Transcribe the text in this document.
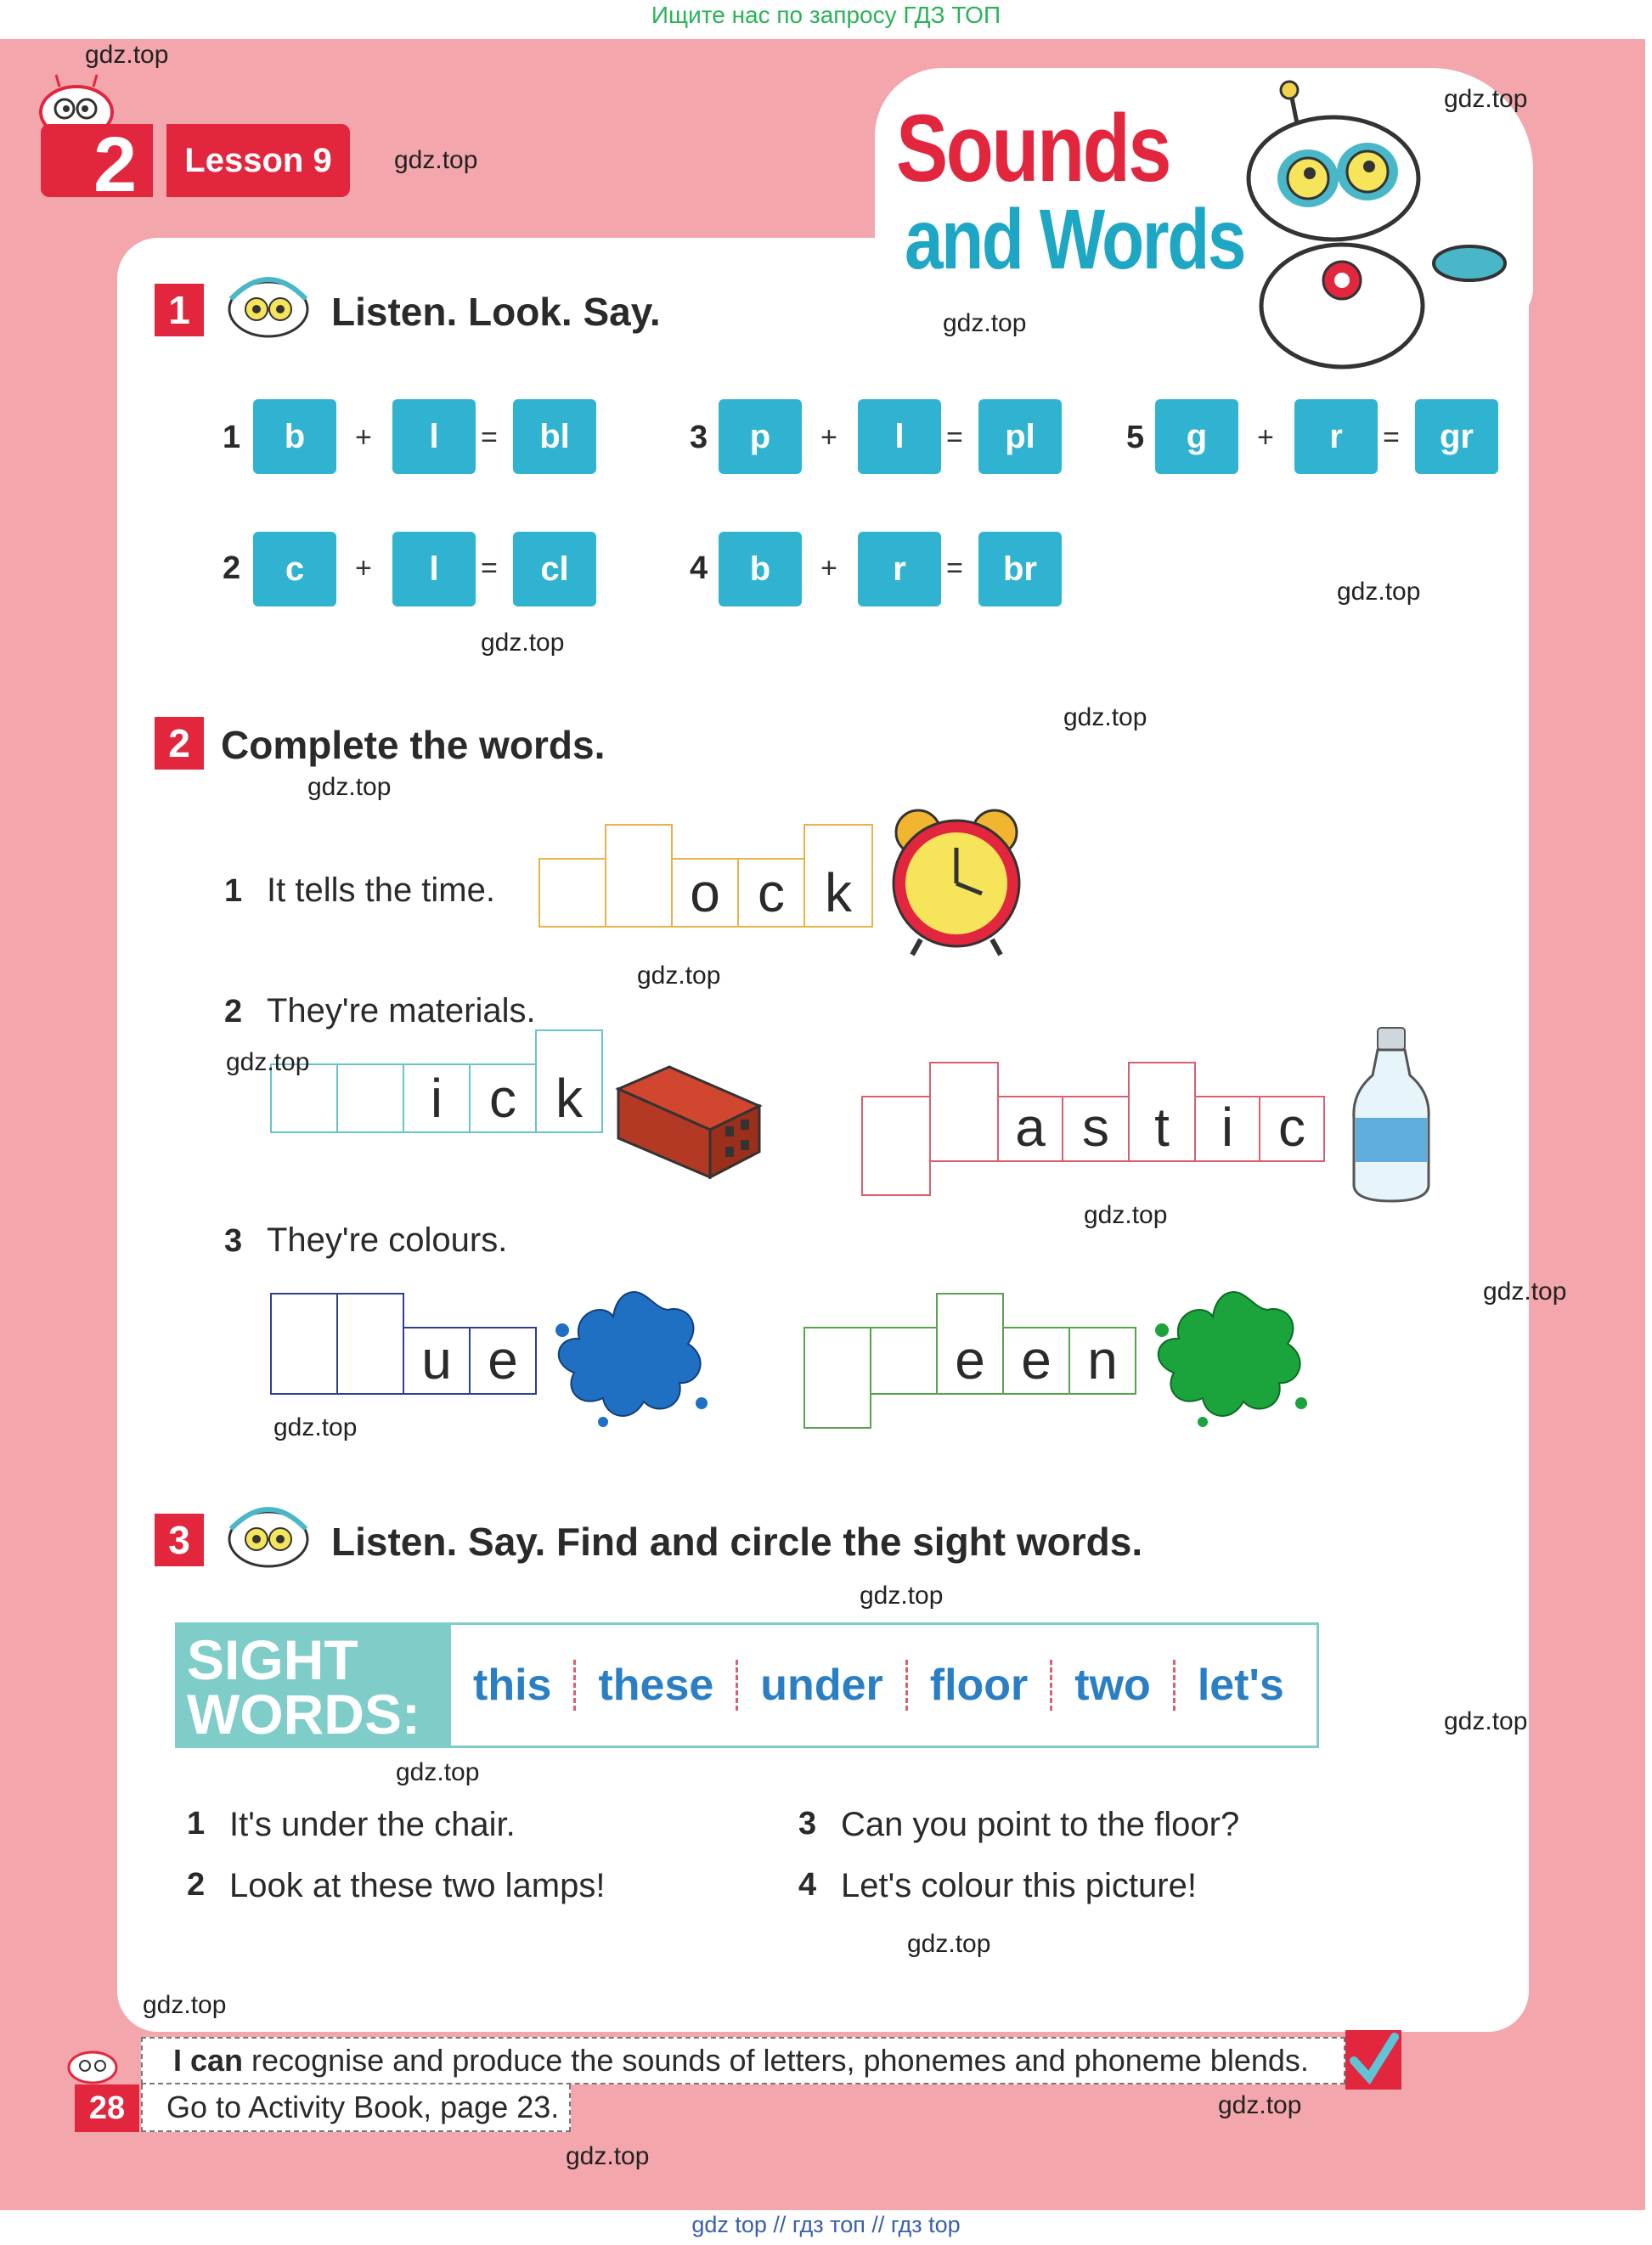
Ищите нас по запросу ГДЗ ТОП
gdz top // гдз топ // гдз top
2	Lesson 9	Sounds
and Words
1	Listen. Look. Say.
1	b	+	l	=	bl
2	c	+	l	=	cl
3	p	+	l	=	pl
4	b	+	r	=	br
5	g	+	r	=	gr
2 Complete the words.
1 It tells the time.	o c k
2 They're materials.
i c k	a s t i c
3 They're colours.
u e	e e n
3	Listen. Say. Find and circle the sight words.
SIGHT WORDS:	this	these	under	floor	two	let's
1 It's under the chair.
2 Look at these two lamps!
3 Can you point to the floor?
4 Let's colour this picture!
I can recognise and produce the sounds of letters, phonemes and phoneme blends.
28	Go to Activity Book, page 23.
gdz.top
gdz.top
gdz.top
gdz.top
gdz.top
gdz.top
gdz.top
gdz.top
gdz.top
gdz.top
gdz.top
gdz.top
gdz.top
gdz.top
gdz.top
gdz.top
gdz.top
gdz.top
gdz.top
gdz.top
